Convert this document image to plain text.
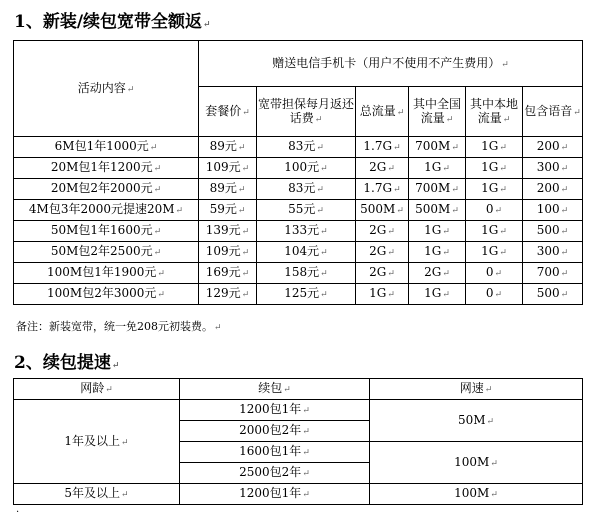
1、新装/续包宽带全额返↵
活动内容↵	赠送电信手机卡（用户不使用不产生费用）↵					
	套餐价↵	宽带担保每月返还话费↵	总流量↵	其中全国流量↵	其中本地流量↵	包含语音↵
6M包1年1000元↵	89元↵	83元↵	1.7G↵	700M↵	1G↵	200↵
20M包1年1200元↵	109元↵	100元↵	2G↵	1G↵	1G↵	300↵
20M包2年2000元↵	89元↵	83元↵	1.7G↵	700M↵	1G↵	200↵
4M包3年2000元提速20M↵	59元↵	55元↵	500M↵	500M↵	0↵	100↵
50M包1年1600元↵	139元↵	133元↵	2G↵	1G↵	1G↵	500↵
50M包2年2500元↵	109元↵	104元↵	2G↵	1G↵	1G↵	300↵
100M包1年1900元↵	169元↵	158元↵	2G↵	2G↵	0↵	700↵
100M包2年3000元↵	129元↵	125元↵	1G↵	1G↵	0↵	500↵
备注：新装宽带，统一免208元初装费。↵
2、续包提速↵
网龄↵	续包↵	网速↵
1年及以上↵	1200包1年↵	50M↵
	2000包2年↵	
	1600包1年↵	100M↵
	2500包2年↵	
5年及以上↵	1200包1年↵	100M↵
.
